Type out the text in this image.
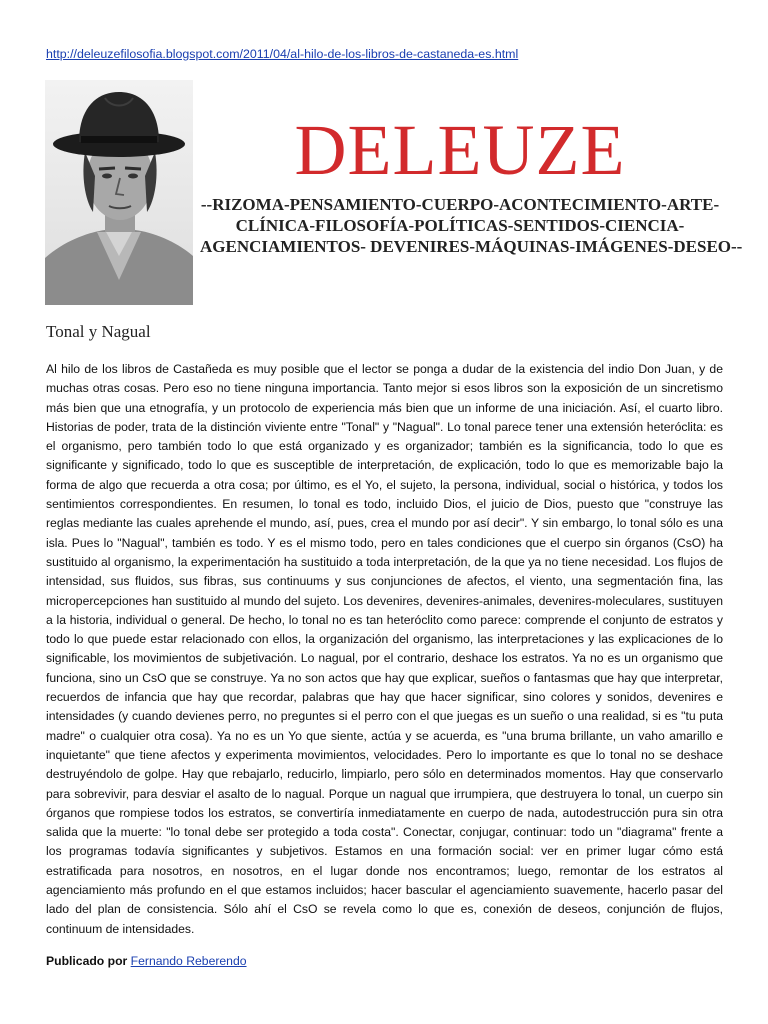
http://deleuzefilosofia.blogspot.com/2011/04/al-hilo-de-los-libros-de-castaneda-es.html
DELEUZE
--RIZOMA-PENSAMIENTO-CUERPO-ACONTECIMIENTO-ARTE-
CLÍNICA-FILOSOFÍA-POLÍTICAS-SENTIDOS-CIENCIA-
AGENCIAMIENTOS- DEVENIRES-MÁQUINAS-IMÁGENES-DESEO--
Tonal y Nagual

Al hilo de los libros de Castañeda es muy posible que el lector se ponga a dudar de la existencia del indio Don Juan, y de muchas otras cosas. Pero eso no tiene ninguna importancia. Tanto mejor si esos libros son la exposición de un sincretismo más bien que una etnografía, y un protocolo de experiencia más bien que un informe de una iniciación. Así, el cuarto libro. Historias de poder, trata de la distinción viviente entre "Tonal" y "Nagual". Lo tonal parece tener una extensión heteróclita: es el organismo, pero también todo lo que está organizado y es organizador; también es la significancia, todo lo que es significante y significado, todo lo que es susceptible de interpretación, de explicación, todo lo que es memorizable bajo la forma de algo que recuerda a otra cosa; por último, es el Yo, el sujeto, la persona, individual, social o histórica, y todos los sentimientos correspondientes. En resumen, lo tonal es todo, incluido Dios, el juicio de Dios, puesto que "construye las reglas mediante las cuales aprehende el mundo, así, pues, crea el mundo por así decir". Y sin embargo, lo tonal sólo es una isla. Pues lo "Nagual", también es todo. Y es el mismo todo, pero en tales condiciones que el cuerpo sin órganos (CsO) ha sustituido al organismo, la experimentación ha sustituido a toda interpretación, de la que ya no tiene necesidad. Los flujos de intensidad, sus fluidos, sus fibras, sus continuums y sus conjunciones de afectos, el viento, una segmentación fina, las micropercepciones han sustituido al mundo del sujeto. Los devenires, devenires-animales, devenires-moleculares, sustituyen a la historia, individual o general. De hecho, lo tonal no es tan heteróclito como parece: comprende el conjunto de estratos y todo lo que puede estar relacionado con ellos, la organización del organismo, las interpretaciones y las explicaciones de lo significable, los movimientos de subjetivación. Lo nagual, por el contrario, deshace los estratos. Ya no es un organismo que funciona, sino un CsO que se construye. Ya no son actos que hay que explicar, sueños o fantasmas que hay que interpretar, recuerdos de infancia que hay que recordar, palabras que hay que hacer significar, sino colores y sonidos, devenires e intensidades (y cuando devienes perro, no preguntes si el perro con el que juegas es un sueño o una realidad, si es "tu puta madre" o cualquier otra cosa). Ya no es un Yo que siente, actúa y se acuerda, es "una bruma brillante, un vaho amarillo e inquietante" que tiene afectos y experimenta movimientos, velocidades. Pero lo importante es que lo tonal no se deshace destruyéndolo de golpe. Hay que rebajarlo, reducirlo, limpiarlo, pero sólo en determinados momentos. Hay que conservarlo para sobrevivir, para desviar el asalto de lo nagual. Porque un nagual que irrumpiera, que destruyera lo tonal, un cuerpo sin órganos que rompiese todos los estratos, se convertiría inmediatamente en cuerpo de nada, autodestrucción pura sin otra salida que la muerte: "lo tonal debe ser protegido a toda costa". Conectar, conjugar, continuar: todo un "diagrama" frente a los programas todavía significantes y subjetivos. Estamos en una formación social: ver en primer lugar cómo está estratificada para nosotros, en nosotros, en el lugar donde nos encontramos; luego, remontar de los estratos al agenciamiento más profundo en el que estamos incluidos; hacer bascular el agenciamiento suavemente, hacerlo pasar del lado del plan de consistencia. Sólo ahí el CsO se revela como lo que es, conexión de deseos, conjunción de flujos, continuum de intensidades.

Publicado por Fernando Reberendo
